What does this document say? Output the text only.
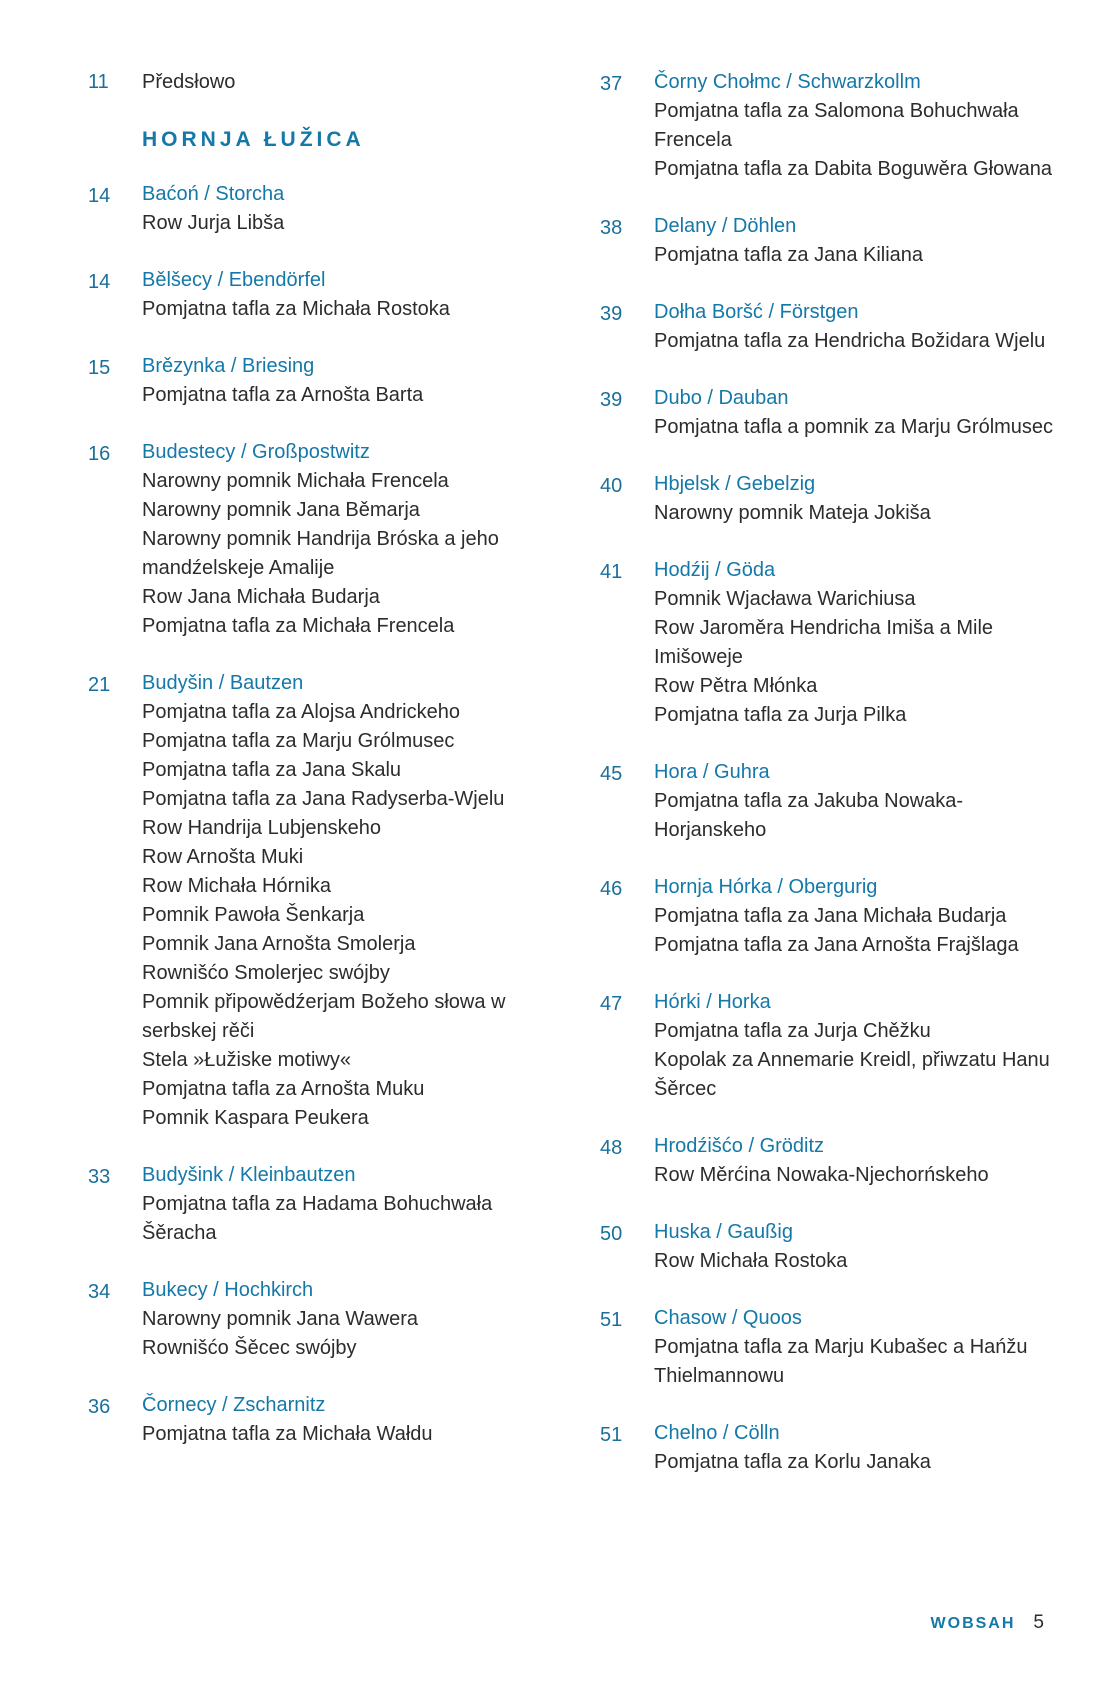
11	Předsłowo
HORNJA ŁUŽICA
14	Baćoń / Storcha
Row Jurja Libša
14	Bělšecy / Ebendörfel
Pomjatna tafla za Michała Rostoka
15	Brězynka / Briesing
Pomjatna tafla za Arnošta Barta
16	Budestecy / Großpostwitz
Narowny pomnik Michała Frencela
Narowny pomnik Jana Běmarja
Narowny pomnik Handrija Bróska a jeho mandźelskeje Amalije
Row Jana Michała Budarja
Pomjatna tafla za Michała Frencela
21	Budyšin / Bautzen
Pomjatna tafla za Alojsa Andrickeho
Pomjatna tafla za Marju Grólmusec
Pomjatna tafla za Jana Skalu
Pomjatna tafla za Jana Radyserba-Wjelu
Row Handrija Lubjenskeho
Row Arnošta Muki
Row Michała Hórnika
Pomnik Pawoła Šenkarja
Pomnik Jana Arnošta Smolerja
Rownišćo Smolerjec swójby
Pomnik připowědźerjam Božeho słowa w serbskej rěči
Stela »Łužiske motiwy«
Pomjatna tafla za Arnošta Muku
Pomnik Kaspara Peukera
33	Budyšink / Kleinbautzen
Pomjatna tafla za Hadama Bohuchwała Šěracha
34	Bukecy / Hochkirch
Narowny pomnik Jana Wawera
Rownišćo Šěcec swójby
36	Čornecy / Zscharnitz
Pomjatna tafla za Michała Wałdu
37	Čorny Chołmc / Schwarzkollm
Pomjatna tafla za Salomona Bohuchwała Frencela
Pomjatna tafla za Dabita Boguwěra Głowana
38	Delany / Döhlen
Pomjatna tafla za Jana Kiliana
39	Dołha Boršć / Förstgen
Pomjatna tafla za Hendricha Božidara Wjelu
39	Dubo / Dauban
Pomjatna tafla a pomnik za Marju Grólmusec
40	Hbjelsk / Gebelzig
Narowny pomnik Mateja Jokiša
41	Hodźij / Göda
Pomnik Wjacława Warichiusa
Row Jaroměra Hendricha Imiša a Mile Imišoweje
Row Pětra Młónka
Pomjatna tafla za Jurja Pilka
45	Hora / Guhra
Pomjatna tafla za Jakuba Nowaka-Horjanskeho
46	Hornja Hórka / Obergurig
Pomjatna tafla za Jana Michała Budarja
Pomjatna tafla za Jana Arnošta Frajšlaga
47	Hórki / Horka
Pomjatna tafla za Jurja Chěžku
Kopolak za Annemarie Kreidl, přiwzatu Hanu Šěrcec
48	Hrodźišćo / Gröditz
Row Měrćina Nowaka-Njechorńskeho
50	Huska / Gaußig
Row Michała Rostoka
51	Chasow / Quoos
Pomjatna tafla za Marju Kubašec a Hańžu Thielmannowu
51	Chelno / Cölln
Pomjatna tafla za Korlu Janaka
WOBSAH 5
